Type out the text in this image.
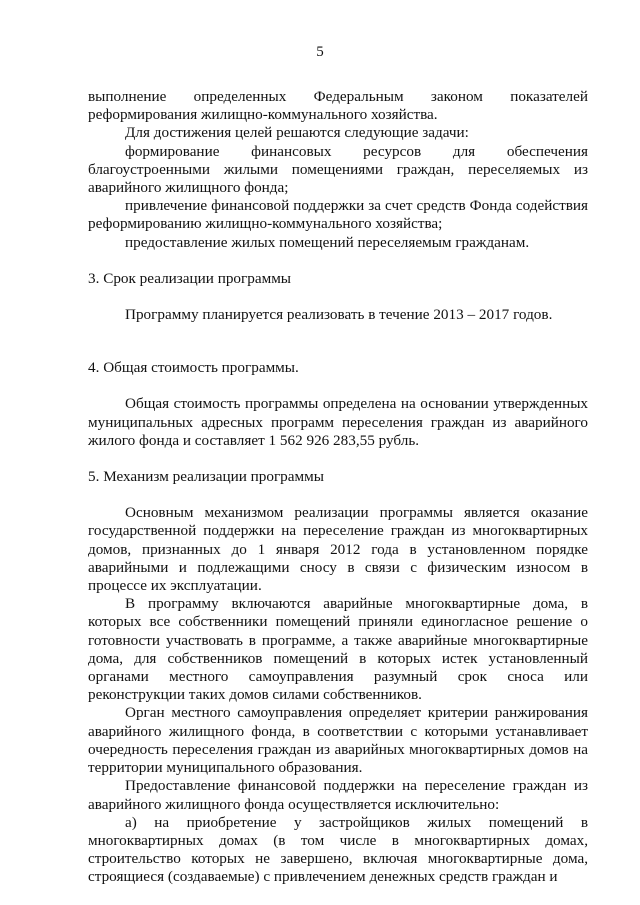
5

выполнение определенных Федеральным законом показателей реформирования жилищно-коммунального хозяйства.

Для достижения целей решаются следующие задачи:

формирование финансовых ресурсов для обеспечения благоустроенными жилыми помещениями граждан, переселяемых из аварийного жилищного фонда;

привлечение финансовой поддержки за счет средств Фонда содействия реформированию жилищно-коммунального хозяйства;

предоставление жилых помещений переселяемым гражданам.

3. Срок реализации программы

Программу планируется реализовать в течение 2013 – 2017 годов.

4. Общая стоимость программы.

Общая стоимость программы определена на основании утвержденных муниципальных адресных программ переселения граждан из аварийного жилого фонда и составляет 1 562 926 283,55 рубль.

5. Механизм реализации программы

Основным механизмом реализации программы является оказание государственной поддержки на переселение граждан из многоквартирных домов, признанных до 1 января 2012 года в установленном порядке аварийными и подлежащими сносу в связи с физическим износом в процессе их эксплуатации.

В программу включаются аварийные многоквартирные дома, в которых все собственники помещений приняли единогласное решение о готовности участвовать в программе, а также аварийные многоквартирные дома, для собственников помещений в которых истек установленный органами местного самоуправления разумный срок сноса или реконструкции таких домов силами собственников.

Орган местного самоуправления определяет критерии ранжирования аварийного жилищного фонда, в соответствии с которыми устанавливает очередность переселения граждан из аварийных многоквартирных домов на территории муниципального образования.

Предоставление финансовой поддержки на переселение граждан из аварийного жилищного фонда осуществляется исключительно:

а) на приобретение у застройщиков жилых помещений в многоквартирных домах (в том числе в многоквартирных домах, строительство которых не завершено, включая многоквартирные дома, строящиеся (создаваемые) с привлечением денежных средств граждан и
